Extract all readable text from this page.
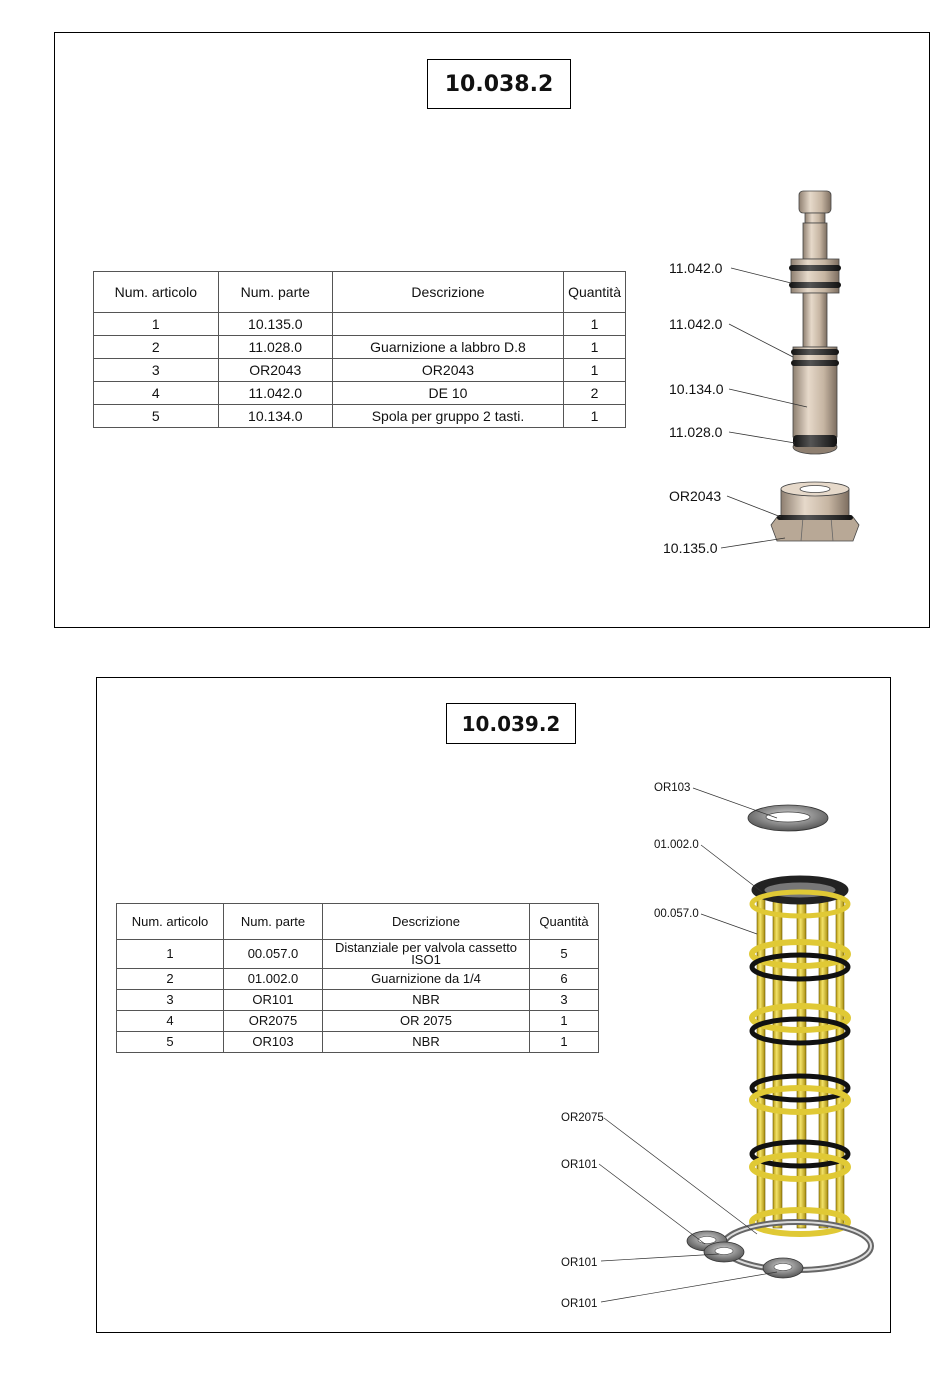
10.038.2
Num. articolo	Num. parte	Descrizione	Quantità
1	10.135.0		1
2	11.028.0	Guarnizione a labbro D.8	1
3	OR2043	OR2043	1
4	11.042.0	DE 10	2
5	10.134.0	Spola per gruppo 2 tasti.	1
11.042.0
11.042.0
10.134.0
11.028.0
OR2043
10.135.0
10.039.2
Num. articolo	Num. parte	Descrizione	Quantità
1	00.057.0	Distanziale per valvola cassetto ISO1	5
2	01.002.0	Guarnizione da 1/4	6
3	OR101	NBR	3
4	OR2075	OR 2075	1
5	OR103	NBR	1
OR103
01.002.0
00.057.0
OR2075
OR101
OR101
OR101
